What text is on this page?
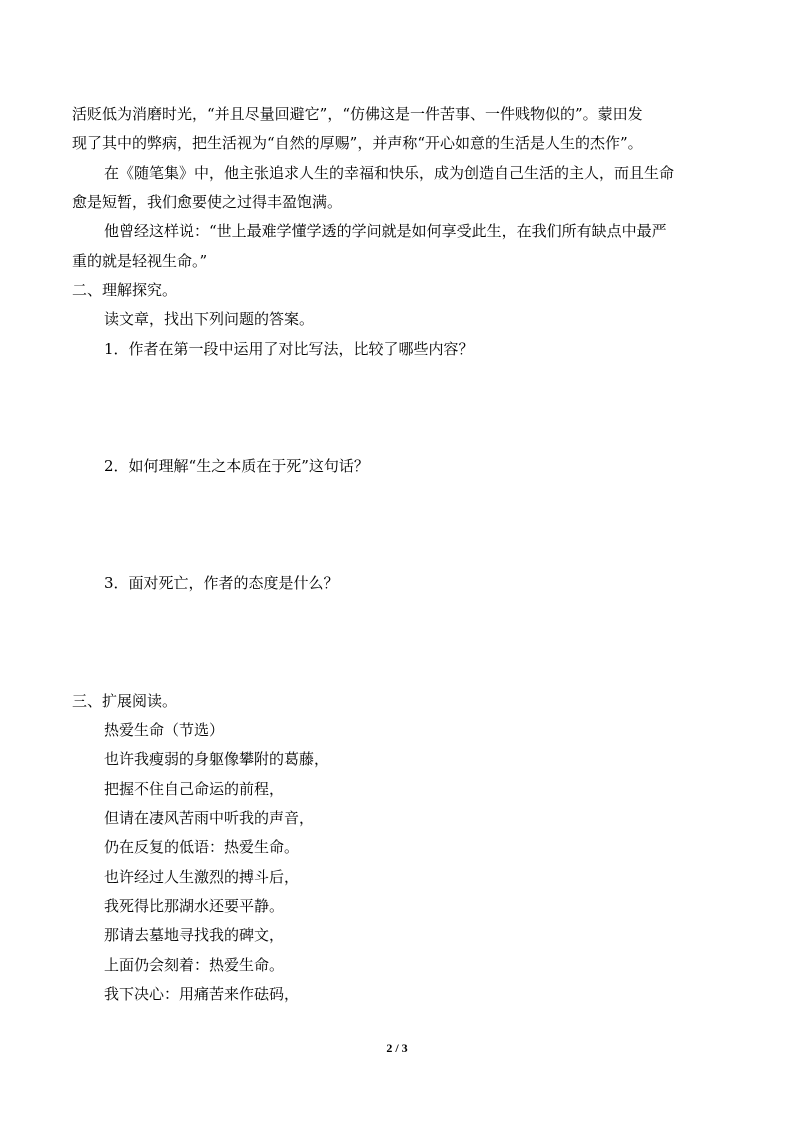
活贬低为消磨时光，“并且尽量回避它”，“仿佛这是一件苦事、一件贱物似的”。蒙田发
现了其中的弊病，把生活视为“自然的厚赐”，并声称“开心如意的生活是人生的杰作”。
在《随笔集》中，他主张追求人生的幸福和快乐，成为创造自己生活的主人，而且生命
愈是短暂，我们愈要使之过得丰盈饱满。
他曾经这样说：“世上最难学懂学透的学问就是如何享受此生，在我们所有缺点中最严
重的就是轻视生命。”
二、理解探究。
读文章，找出下列问题的答案。
1．作者在第一段中运用了对比写法，比较了哪些内容？
2．如何理解“生之本质在于死”这句话？
3．面对死亡，作者的态度是什么？
三、扩展阅读。
热爱生命（节选）
也许我瘦弱的身躯像攀附的葛藤，
把握不住自己命运的前程，
但请在凄风苦雨中听我的声音，
仍在反复的低语：热爱生命。
也许经过人生激烈的搏斗后，
我死得比那湖水还要平静。
那请去墓地寻找我的碑文，
上面仍会刻着：热爱生命。
我下决心：用痛苦来作砝码，
2 / 3
